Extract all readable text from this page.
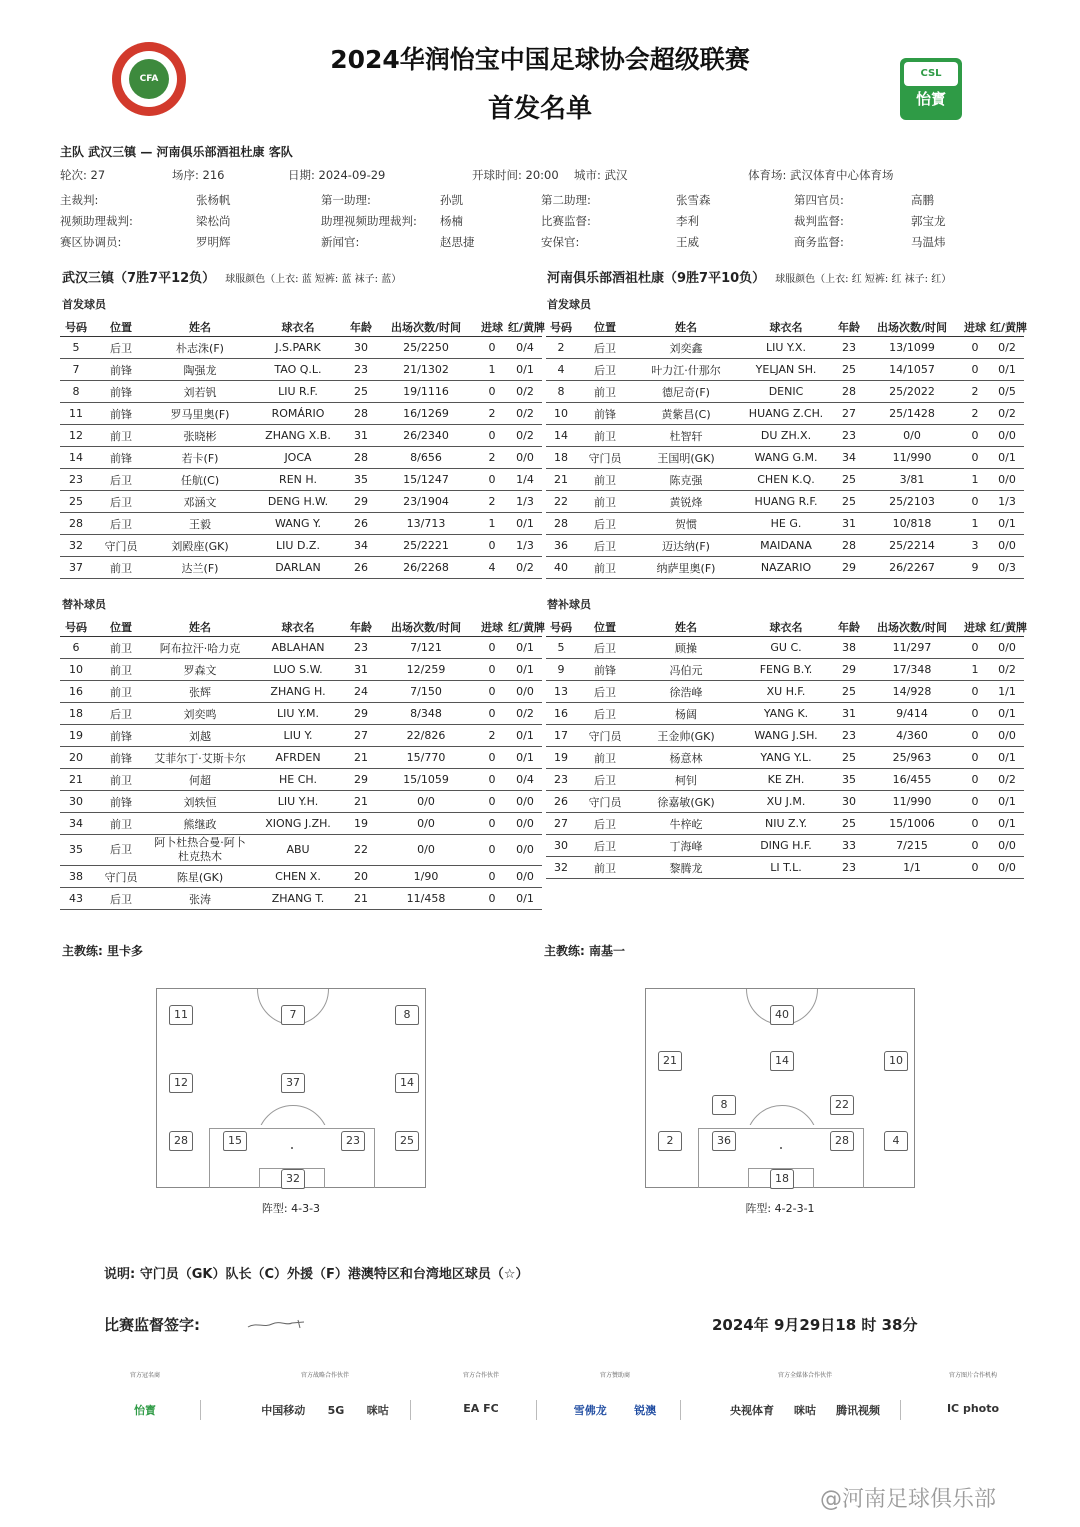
CFA
2024华润怡宝中国足球协会超级联赛
首发名单
CSL
怡寳
主队 武汉三镇 — 河南俱乐部酒祖杜康 客队
轮次: 27	场序: 216	日期: 2024-09-29	开球时间: 20:00 城市: 武汉	体育场: 武汉体育中心体育场
主裁判:	张杨帆	第一助理:	孙凯	第二助理:	张雪森	第四官员:	高鹏
视频助理裁判:	梁松尚	助理视频助理裁判: 杨楠	比赛监督:	李利	裁判监督:	郭宝龙
赛区协调员:	罗明辉	新闻官:	赵思捷	安保官:	王威	商务监督:	马温炜
武汉三镇（7胜7平12负） 球服颜色（上衣: 蓝 短裤: 蓝 袜子: 蓝）	河南俱乐部酒祖杜康（9胜7平10负） 球服颜色（上衣: 红 短裤: 红 袜子: 红）
首发球员	首发球员
替补球员	替补球员
号码	位置	姓名	球衣名	年龄	出场次数/时间	进球	红/黄牌
5	后卫	朴志洙(F)	J.S.PARK	30	25/2250	0	0/4
7	前锋	陶强龙	TAO Q.L.	23	21/1302	1	0/1
8	前锋	刘若钒	LIU R.F.	25	19/1116	0	0/2
11	前锋	罗马里奥(F)	ROMÁRIO	28	16/1269	2	0/2
12	前卫	张晓彬	ZHANG X.B.	31	26/2340	0	0/2
14	前锋	若卡(F)	JOCA	28	8/656	2	0/0
23	后卫	任航(C)	REN H.	35	15/1247	0	1/4
25	后卫	邓涵文	DENG H.W.	29	23/1904	2	1/3
28	后卫	王毅	WANG Y.	26	13/713	1	0/1
32	守门员	刘殿座(GK)	LIU D.Z.	34	25/2221	0	1/3
37	前卫	达兰(F)	DARLAN	26	26/2268	4	0/2
号码	位置	姓名	球衣名	年龄	出场次数/时间	进球	红/黄牌
2	后卫	刘奕鑫	LIU Y.X.	23	13/1099	0	0/2
4	后卫	叶力江·什那尔	YELJAN SH.	25	14/1057	0	0/1
8	前卫	德尼奇(F)	DENIC	28	25/2022	2	0/5
10	前锋	黄紫昌(C)	HUANG Z.CH.	27	25/1428	2	0/2
14	前卫	杜智轩	DU ZH.X.	23	0/0	0	0/0
18	守门员	王国明(GK)	WANG G.M.	34	11/990	0	0/1
21	前卫	陈克强	CHEN K.Q.	25	3/81	1	0/0
22	前卫	黄锐烽	HUANG R.F.	25	25/2103	0	1/3
28	后卫	贺惯	HE G.	31	10/818	1	0/1
36	后卫	迈达纳(F)	MAIDANA	28	25/2214	3	0/0
40	前卫	纳萨里奥(F)	NAZARIO	29	26/2267	9	0/3
号码	位置	姓名	球衣名	年龄	出场次数/时间	进球	红/黄牌
6	前卫	阿布拉汗·哈力克	ABLAHAN	23	7/121	0	0/1
10	前卫	罗森文	LUO S.W.	31	12/259	0	0/1
16	前卫	张辉	ZHANG H.	24	7/150	0	0/0
18	后卫	刘奕鸣	LIU Y.M.	29	8/348	0	0/2
19	前锋	刘越	LIU Y.	27	22/826	2	0/1
20	前锋	艾菲尔丁·艾斯卡尔	AFRDEN	21	15/770	0	0/1
21	前卫	何超	HE CH.	29	15/1059	0	0/4
30	前锋	刘轶恒	LIU Y.H.	21	0/0	0	0/0
34	前卫	熊继政	XIONG J.ZH.	19	0/0	0	0/0
35	后卫	阿卜杜热合曼·阿卜杜克热木	ABU	22	0/0	0	0/0
38	守门员	陈星(GK)	CHEN X.	20	1/90	0	0/0
43	后卫	张涛	ZHANG T.	21	11/458	0	0/1
号码	位置	姓名	球衣名	年龄	出场次数/时间	进球	红/黄牌
5	后卫	顾操	GU C.	38	11/297	0	0/0
9	前锋	冯伯元	FENG B.Y.	29	17/348	1	0/2
13	后卫	徐浩峰	XU H.F.	25	14/928	0	1/1
16	后卫	杨阔	YANG K.	31	9/414	0	0/1
17	守门员	王金帅(GK)	WANG J.SH.	23	4/360	0	0/0
19	前卫	杨意林	YANG Y.L.	25	25/963	0	0/1
23	后卫	柯钊	KE ZH.	35	16/455	0	0/2
26	守门员	徐嘉敏(GK)	XU J.M.	30	11/990	0	0/1
27	后卫	牛梓屹	NIU Z.Y.	25	15/1006	0	0/1
30	后卫	丁海峰	DING H.F.	33	7/215	0	0/0
32	前卫	黎腾龙	LI T.L.	23	1/1	0	0/0
主教练: 里卡多	主教练: 南基一
11	7	8
12	37	14
28	15	23	25
32
40
21	14	10
8	22
2	36	28	4
18
阵型: 4-3-3	阵型: 4-2-3-1
说明: 守门员（GK）队长（C）外援（F）港澳特区和台湾地区球员（☆）
比赛监督签字:	2024年 9月29日18 时 38分
官方冠名商
怡寳
官方战略合作伙伴
中国移动 5G 咪咕
官方合作伙伴
EA FC
官方赞助商
雪佛龙	锐澳
官方全媒体合作伙伴
央视体育 咪咕 腾讯视频
官方图片合作机构
IC photo
@河南足球俱乐部
